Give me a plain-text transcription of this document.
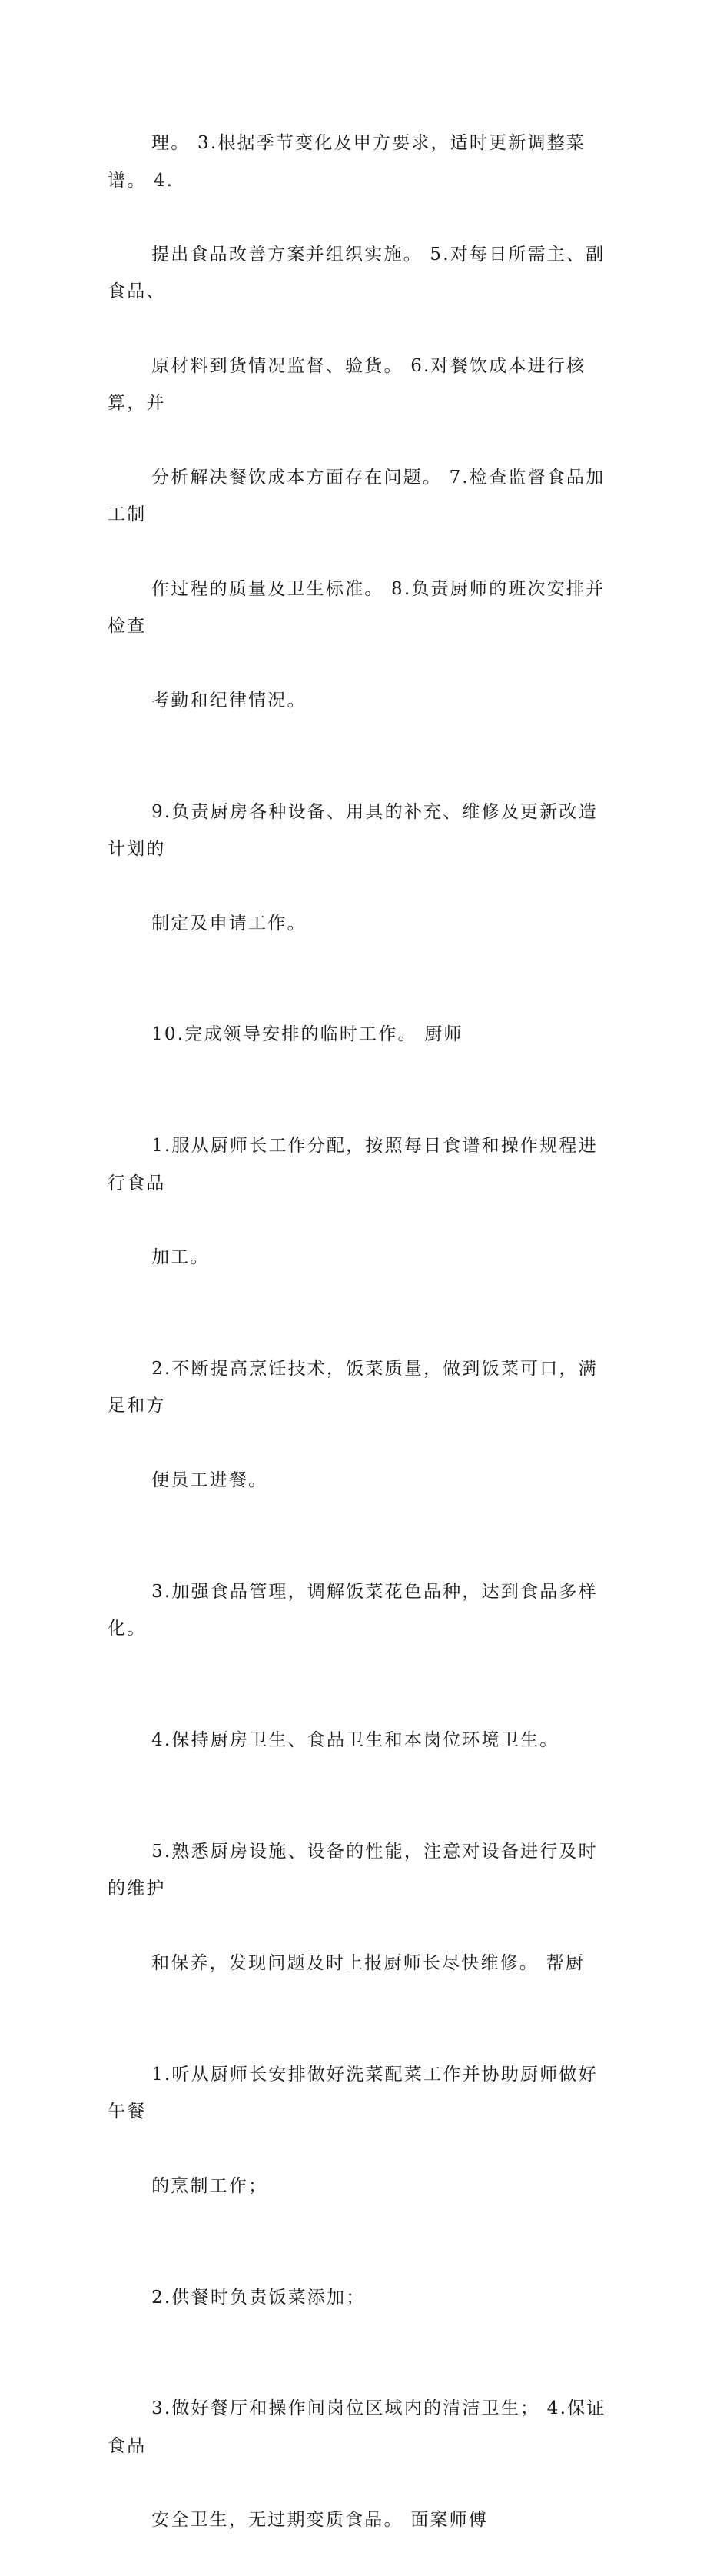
理。 3.根据季节变化及甲方要求，适时更新调整菜谱。 4.

提出食品改善方案并组织实施。 5.对每日所需主、副食品、

原材料到货情况监督、验货。 6.对餐饮成本进行核算，并

分析解决餐饮成本方面存在问题。 7.检查监督食品加工制

作过程的质量及卫生标准。 8.负责厨师的班次安排并检查

考勤和纪律情况。

9.负责厨房各种设备、用具的补充、维修及更新改造计划的

制定及申请工作。

10.完成领导安排的临时工作。 厨师

1.服从厨师长工作分配，按照每日食谱和操作规程进行食品

加工。

2.不断提高烹饪技术，饭菜质量，做到饭菜可口，满足和方

便员工进餐。

3.加强食品管理，调解饭菜花色品种，达到食品多样化。

4.保持厨房卫生、食品卫生和本岗位环境卫生。

5.熟悉厨房设施、设备的性能，注意对设备进行及时的维护

和保养，发现问题及时上报厨师长尽快维修。 帮厨

1.听从厨师长安排做好洗菜配菜工作并协助厨师做好午餐

的烹制工作；

2.供餐时负责饭菜添加；

3.做好餐厅和操作间岗位区域内的清洁卫生； 4.保证食品

安全卫生，无过期变质食品。 面案师傅
